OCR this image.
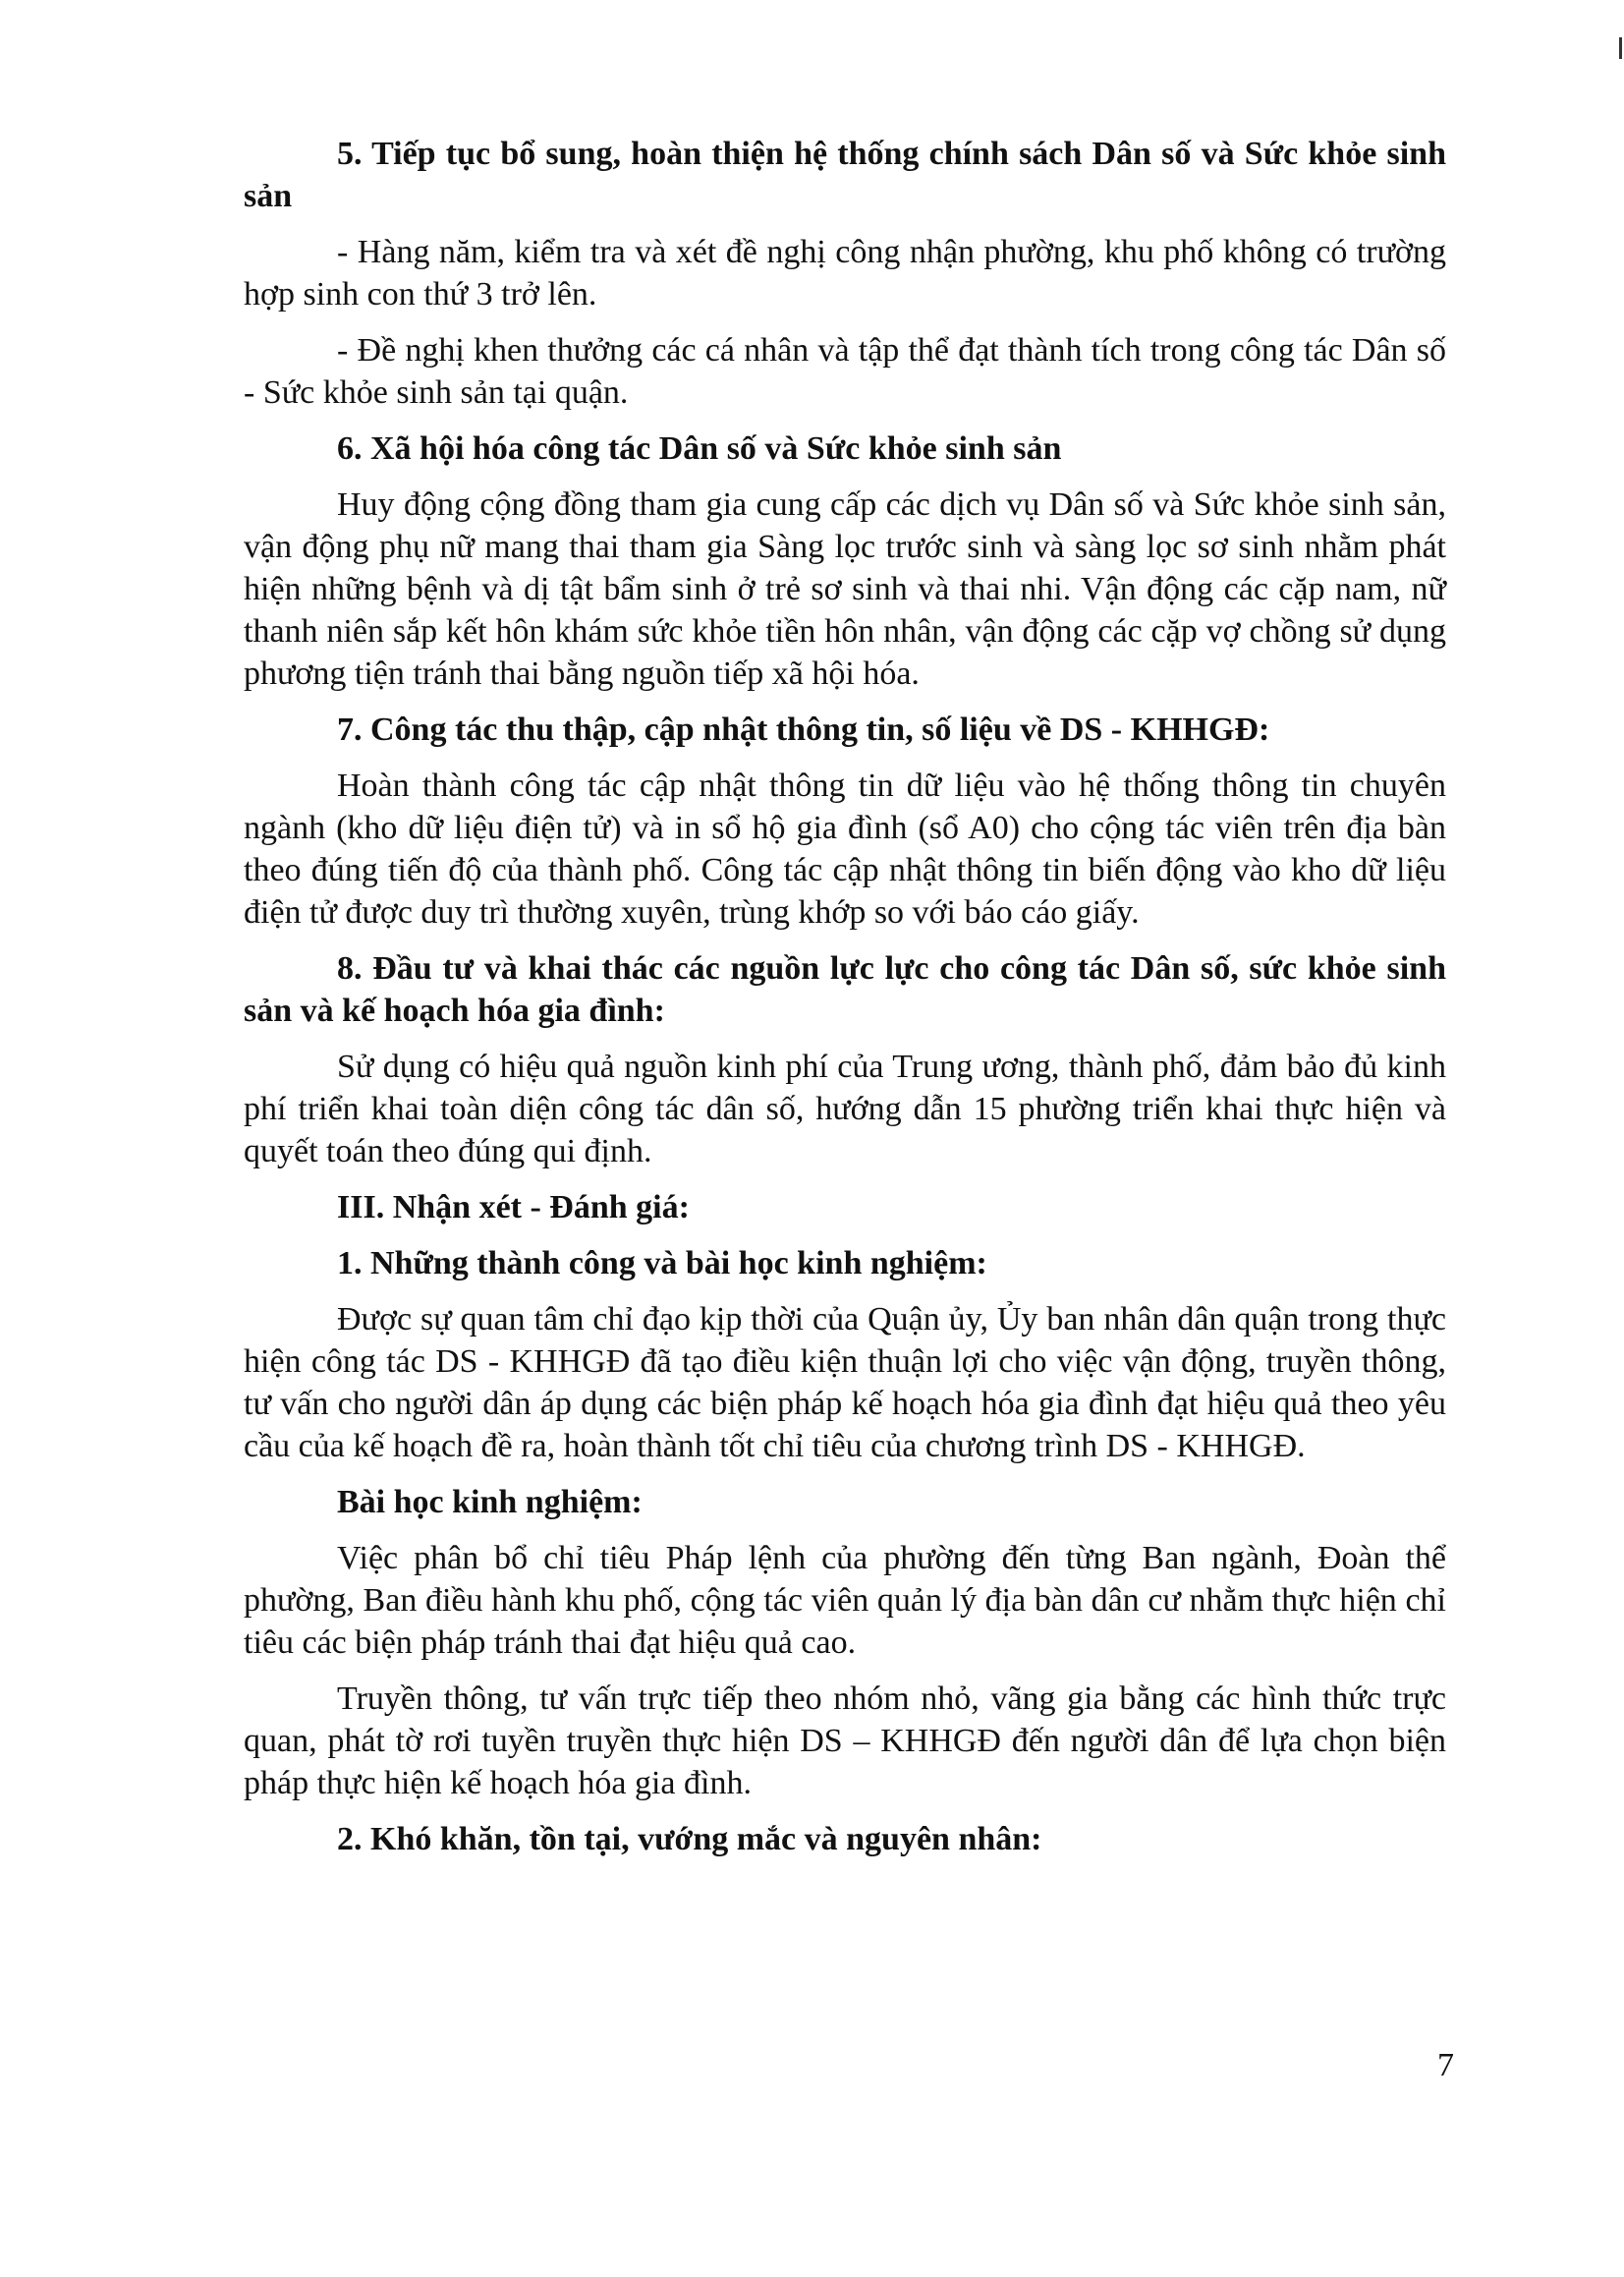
5. Tiếp tục bổ sung, hoàn thiện hệ thống chính sách Dân số và Sức khỏe sinh sản

- Hàng năm, kiểm tra và xét đề nghị công nhận phường, khu phố không có trường hợp sinh con thứ 3 trở lên.

- Đề nghị khen thưởng các cá nhân và tập thể đạt thành tích trong công tác Dân số - Sức khỏe sinh sản tại quận.

6. Xã hội hóa công tác Dân số và Sức khỏe sinh sản

Huy động cộng đồng tham gia cung cấp các dịch vụ Dân số và Sức khỏe sinh sản, vận động phụ nữ mang thai tham gia Sàng lọc trước sinh và sàng lọc sơ sinh nhằm phát hiện những bệnh và dị tật bẩm sinh ở trẻ sơ sinh và thai nhi. Vận động các cặp nam, nữ thanh niên sắp kết hôn khám sức khỏe tiền hôn nhân, vận động các cặp vợ chồng sử dụng phương tiện tránh thai bằng nguồn tiếp xã hội hóa.

7. Công tác thu thập, cập nhật thông tin, số liệu về DS - KHHGĐ:

Hoàn thành công tác cập nhật thông tin dữ liệu vào hệ thống thông tin chuyên ngành (kho dữ liệu điện tử) và in sổ hộ gia đình (sổ A0) cho cộng tác viên trên địa bàn theo đúng tiến độ của thành phố. Công tác cập nhật thông tin biến động vào kho dữ liệu điện tử được duy trì thường xuyên, trùng khớp so với báo cáo giấy.

8. Đầu tư và khai thác các nguồn lực lực cho công tác Dân số, sức khỏe sinh sản và kế hoạch hóa gia đình:

Sử dụng có hiệu quả nguồn kinh phí của Trung ương, thành phố, đảm bảo đủ kinh phí triển khai toàn diện công tác dân số, hướng dẫn 15 phường triển khai thực hiện và quyết toán theo đúng qui định.

III. Nhận xét - Đánh giá:

1. Những thành công và bài học kinh nghiệm:

Được sự quan tâm chỉ đạo kịp thời của Quận ủy, Ủy ban nhân dân quận trong thực hiện công tác DS - KHHGĐ đã tạo điều kiện thuận lợi cho việc vận động, truyền thông, tư vấn cho người dân áp dụng các biện pháp kế hoạch hóa gia đình đạt hiệu quả theo yêu cầu của kế hoạch đề ra, hoàn thành tốt chỉ tiêu của chương trình DS - KHHGĐ.

Bài học kinh nghiệm:

Việc phân bổ chỉ tiêu Pháp lệnh của phường đến từng Ban ngành, Đoàn thể phường, Ban điều hành khu phố, cộng tác viên quản lý địa bàn dân cư nhằm thực hiện chỉ tiêu các biện pháp tránh thai đạt hiệu quả cao.

Truyền thông, tư vấn trực tiếp theo nhóm nhỏ, vãng gia bằng các hình thức trực quan, phát tờ rơi tuyền truyền thực hiện DS – KHHGĐ đến người dân để lựa chọn biện pháp thực hiện kế hoạch hóa gia đình.

2. Khó khăn, tồn tại, vướng mắc và nguyên nhân:

7
